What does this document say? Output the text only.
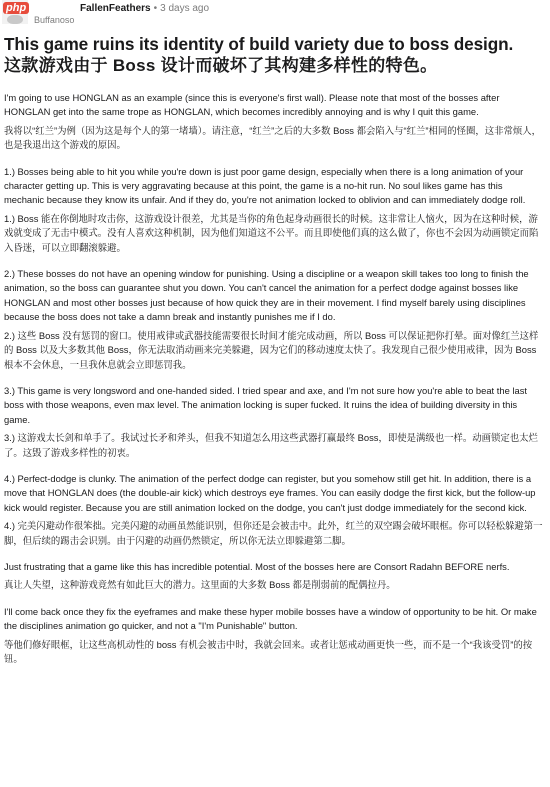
php	FallenFeathers • 3 days ago
Buffanoso
This game ruins its identity of build variety due to boss design.
这款游戏由于 Boss 设计而破坏了其构建多样性的特色。

I'm going to use HONGLAN as an example (since this is everyone's first wall). Please note that most of the bosses after HONGLAN get into the same trope as HONGLAN, which becomes incredibly annoying and is why I quit this game.

我将以“红兰”为例（因为这是每个人的第一堵墙）。请注意，“红兰”之后的大多数 Boss 都会陷入与“红兰”相同的怪圈，这非常烦人，也是我退出这个游戏的原因。

1.) Bosses being able to hit you while you're down is just poor game design, especially when there is a long animation of your character getting up. This is very aggravating because at this point, the game is a no-hit run. No soul likes game has this mechanic because they know its unfair. And if they do, you're not animation locked to oblivion and can immediately dodge roll.

1.) Boss 能在你倒地时攻击你，这游戏设计很差，尤其是当你的角色起身动画很长的时候。这非常让人恼火，因为在这种时候，游戏就变成了无击中模式。没有人喜欢这种机制，因为他们知道这不公平。而且即使他们真的这么做了，你也不会因为动画锁定而陷入昏迷，可以立即翻滚躲避。

2.) These bosses do not have an opening window for punishing. Using a discipline or a weapon skill takes too long to finish the animation, so the boss can guarantee shut you down. You can't cancel the animation for a perfect dodge against bosses like HONGLAN and most other bosses just because of how quick they are in their movement. I find myself barely using disciplines because the boss does not take a damn break and instantly punishes me if I do.

2.) 这些 Boss 没有惩罚的窗口。使用戒律或武器技能需要很长时间才能完成动画，所以 Boss 可以保证把你打晕。面对像红兰这样的 Boss 以及大多数其他 Boss，你无法取消动画来完美躲避，因为它们的移动速度太快了。我发现自己很少使用戒律，因为 Boss 根本不会休息，一旦我休息就会立即惩罚我。

3.) This game is very longsword and one-handed sided. I tried spear and axe, and I'm not sure how you're able to beat the last boss with those weapons, even max level. The animation locking is super fucked. It ruins the idea of building diversity in this game.

3.) 这游戏太长剑和单手了。我试过长矛和斧头，但我不知道怎么用这些武器打赢最终 Boss，即使是满级也一样。动画锁定也太烂了。这毁了游戏多样性的初衷。

4.) Perfect-dodge is clunky. The animation of the perfect dodge can register, but you somehow still get hit. In addition, there is a move that HONGLAN does (the double-air kick) which destroys eye frames. You can easily dodge the first kick, but the follow-up kick would register. Because you are still animation locked on the dodge, you can't just dodge immediately for the second kick.

4.) 完美闪避动作很笨拙。完美闪避的动画虽然能识别，但你还是会被击中。此外，红兰的双空踢会破坏眼框。你可以轻松躲避第一脚，但后续的踢击会识别。由于闪避的动画仍然锁定，所以你无法立即躲避第二脚。

Just frustrating that a game like this has incredible potential. Most of the bosses here are Consort Radahn BEFORE nerfs.

真让人失望，这种游戏竟然有如此巨大的潜力。这里面的大多数 Boss 都是削弱前的配偶拉丹。

I'll come back once they fix the eyeframes and make these hyper mobile bosses have a window of opportunity to be hit. Or make the disciplines animation go quicker, and not a "I'm Punishable" button.

等他们修好眼框，让这些高机动性的 boss 有机会被击中时，我就会回来。或者让惩戒动画更快一些，而不是一个“我该受罚”的按钮。
